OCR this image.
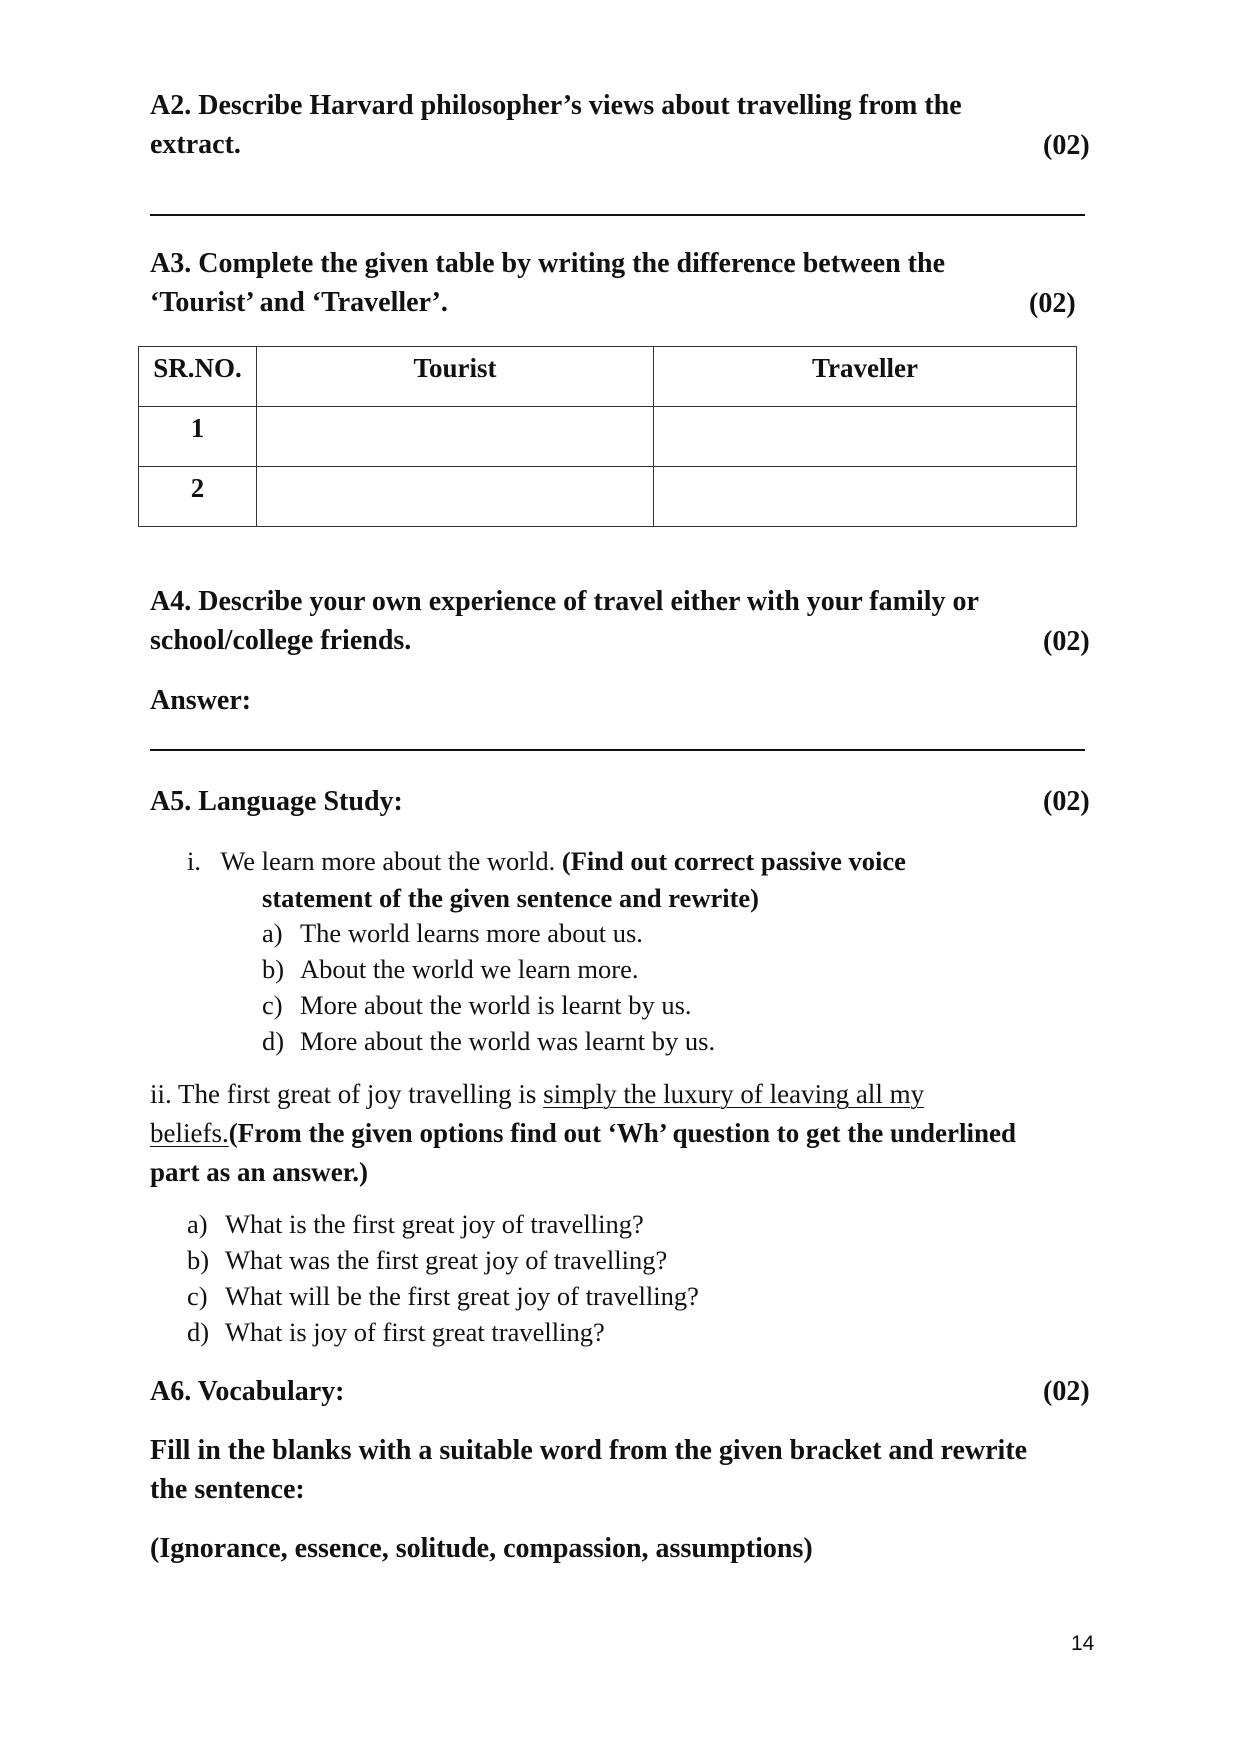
A2. Describe Harvard philosopher’s views about travelling from the
extract.	(02)
A3. Complete the given table by writing the difference between the
‘Tourist’ and ‘Traveller’.	(02)
SR.NO.	Tourist	Traveller
1		
2		
A4. Describe your own experience of travel either with your family or
school/college friends.	(02)
Answer:
A5. Language Study:	(02)
i. We learn more about the world. (Find out correct passive voice
statement of the given sentence and rewrite)
a) The world learns more about us.
b) About the world we learn more.
c) More about the world is learnt by us.
d) More about the world was learnt by us.
ii. The first great of joy travelling is simply the luxury of leaving all my
beliefs.(From the given options find out ‘Wh’ question to get the underlined
part as an answer.)
a) What is the first great joy of travelling?
b) What was the first great joy of travelling?
c) What will be the first great joy of travelling?
d) What is joy of first great travelling?
A6. Vocabulary:	(02)
Fill in the blanks with a suitable word from the given bracket and rewrite
the sentence:
(Ignorance, essence, solitude, compassion, assumptions)
14
